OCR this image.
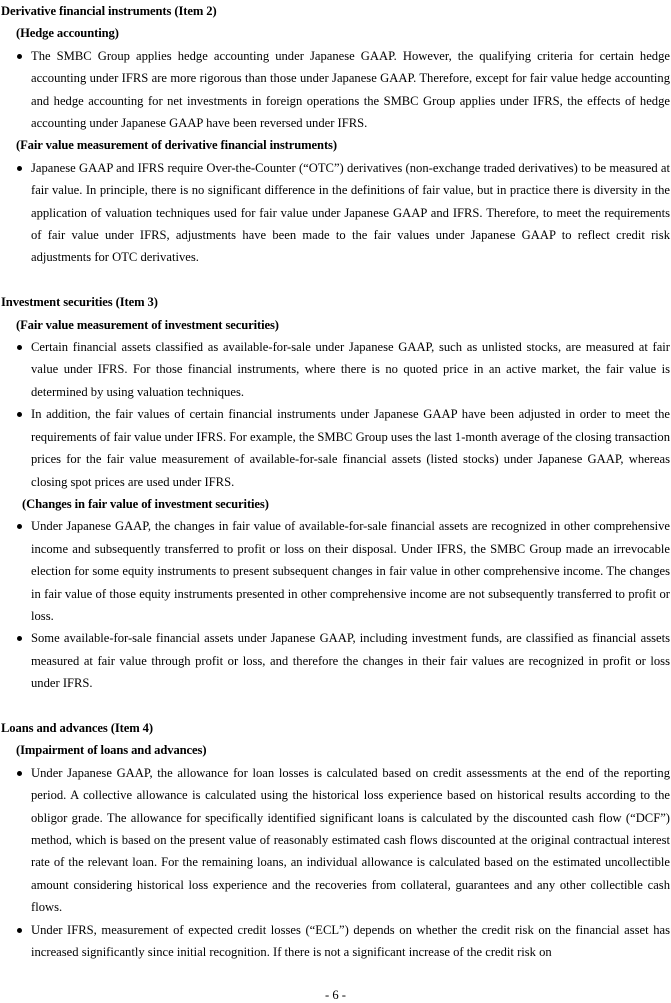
Derivative financial instruments (Item 2)

(Hedge accounting)

The SMBC Group applies hedge accounting under Japanese GAAP. However, the qualifying criteria for certain hedge accounting under IFRS are more rigorous than those under Japanese GAAP. Therefore, except for fair value hedge accounting and hedge accounting for net investments in foreign operations the SMBC Group applies under IFRS, the effects of hedge accounting under Japanese GAAP have been reversed under IFRS.

(Fair value measurement of derivative financial instruments)

Japanese GAAP and IFRS require Over-the-Counter (“OTC”) derivatives (non-exchange traded derivatives) to be measured at fair value. In principle, there is no significant difference in the definitions of fair value, but in practice there is diversity in the application of valuation techniques used for fair value under Japanese GAAP and IFRS. Therefore, to meet the requirements of fair value under IFRS, adjustments have been made to the fair values under Japanese GAAP to reflect credit risk adjustments for OTC derivatives.

Investment securities (Item 3)

(Fair value measurement of investment securities)

Certain financial assets classified as available-for-sale under Japanese GAAP, such as unlisted stocks, are measured at fair value under IFRS. For those financial instruments, where there is no quoted price in an active market, the fair value is determined by using valuation techniques.
In addition, the fair values of certain financial instruments under Japanese GAAP have been adjusted in order to meet the requirements of fair value under IFRS. For example, the SMBC Group uses the last 1-month average of the closing transaction prices for the fair value measurement of available-for-sale financial assets (listed stocks) under Japanese GAAP, whereas closing spot prices are used under IFRS.

(Changes in fair value of investment securities)

Under Japanese GAAP, the changes in fair value of available-for-sale financial assets are recognized in other comprehensive income and subsequently transferred to profit or loss on their disposal. Under IFRS, the SMBC Group made an irrevocable election for some equity instruments to present subsequent changes in fair value in other comprehensive income. The changes in fair value of those equity instruments presented in other comprehensive income are not subsequently transferred to profit or loss.
Some available-for-sale financial assets under Japanese GAAP, including investment funds, are classified as financial assets measured at fair value through profit or loss, and therefore the changes in their fair values are recognized in profit or loss under IFRS.

Loans and advances (Item 4)

(Impairment of loans and advances)

Under Japanese GAAP, the allowance for loan losses is calculated based on credit assessments at the end of the reporting period. A collective allowance is calculated using the historical loss experience based on historical results according to the obligor grade. The allowance for specifically identified significant loans is calculated by the discounted cash flow (“DCF”) method, which is based on the present value of reasonably estimated cash flows discounted at the original contractual interest rate of the relevant loan. For the remaining loans, an individual allowance is calculated based on the estimated uncollectible amount considering historical loss experience and the recoveries from collateral, guarantees and any other collectible cash flows.
Under IFRS, measurement of expected credit losses (“ECL”) depends on whether the credit risk on the financial asset has increased significantly since initial recognition. If there is not a significant increase of the credit risk on
- 6 -
